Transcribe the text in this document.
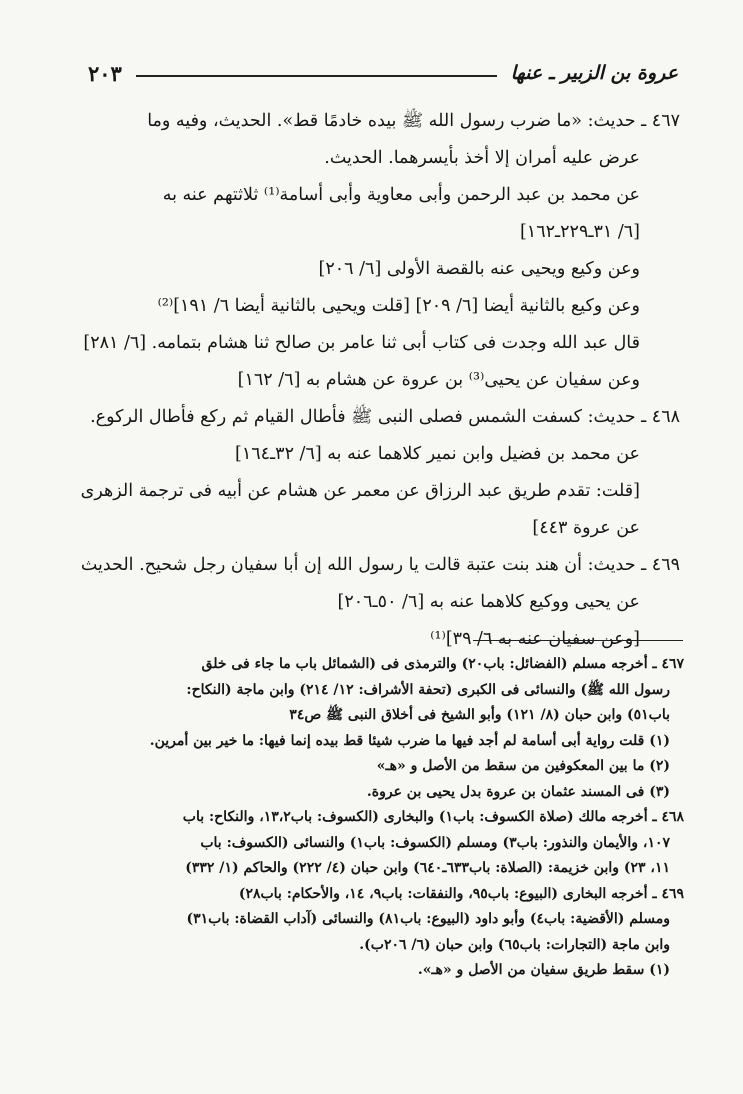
عروة بن الزبير ـ عنها
٢٠٣
٤٦٧ ـ حديث: «ما ضرب رسول الله ﷺ بيده خادمًا قط». الحديث، وفيه وما
عرض عليه أمران إلا أخذ بأيسرهما. الحديث.
عن محمد بن عبد الرحمن وأبى معاوية وأبى أسامة⁽¹⁾ ثلاثتهم عنه به
[٦/ ٣١ـ٢٢٩ـ١٦٢]
وعن وكيع ويحيى عنه بالقصة الأولى [٦/ ٢٠٦]
وعن وكيع بالثانية أيضا [٦/ ٢٠٩] [قلت ويحيى بالثانية أيضا ٦/ ١٩١]⁽²⁾
قال عبد الله وجدت فى كتاب أبى ثنا عامر بن صالح ثنا هشام بتمامه. [٦/ ٢٨١]
وعن سفيان عن يحيى⁽³⁾ بن عروة عن هشام به [٦/ ١٦٢]
٤٦٨ ـ حديث: كسفت الشمس فصلى النبى ﷺ فأطال القيام ثم ركع فأطال الركوع.
عن محمد بن فضيل وابن نمير كلاهما عنه به [٦/ ٣٢ـ١٦٤]
[قلت: تقدم طريق عبد الرزاق عن معمر عن هشام عن أبيه فى ترجمة الزهرى
عن عروة ٤٤٣]
٤٦٩ ـ حديث: أن هند بنت عتبة قالت يا رسول الله إن أبا سفيان رجل شحيح. الحديث
عن يحيى ووكيع كلاهما عنه به [٦/ ٥٠ـ٢٠٦]
[وعن سفيان عنه به ٦/ ٣٩]⁽¹⁾
٤٦٧ ـ أخرجه مسلم (الفضائل: باب٢٠) والترمذى فى (الشمائل باب ما جاء فى خلق
رسول الله ﷺ) والنسائى فى الكبرى (تحفة الأشراف: ١٢/ ٢١٤) وابن ماجة (النكاح:
باب٥١) وابن حبان (٨/ ١٢١) وأبو الشيخ فى أخلاق النبى ﷺ ص٣٤
(١) قلت رواية أبى أسامة لم أجد فيها ما ضرب شيئا قط بيده إنما فيها: ما خير بين أمرين.
(٢) ما بين المعكوفين من سقط من الأصل و «هـ»
(٣) فى المسند عثمان بن عروة بدل يحيى بن عروة.
٤٦٨ ـ أخرجه مالك (صلاة الكسوف: باب١) والبخارى (الكسوف: باب١٣،٢، والنكاح: باب
١٠٧، والأيمان والنذور: باب٣) ومسلم (الكسوف: باب١) والنسائى (الكسوف: باب
١١، ٢٣) وابن خزيمة: (الصلاة: باب٦٣٣ـ٦٤٠) وابن حبان (٤/ ٢٢٢) والحاكم (١/ ٣٣٢)
٤٦٩ ـ أخرجه البخارى (البيوع: باب٩٥، والنفقات: باب٩، ١٤، والأحكام: باب٢٨)
ومسلم (الأقضية: باب٤) وأبو داود (البيوع: باب٨١) والنسائى (آداب القضاة: باب٣١)
وابن ماجة (التجارات: باب٦٥) وابن حبان (٦/ ٢٠٦ب).
(١) سقط طريق سفيان من الأصل و «هـ».
